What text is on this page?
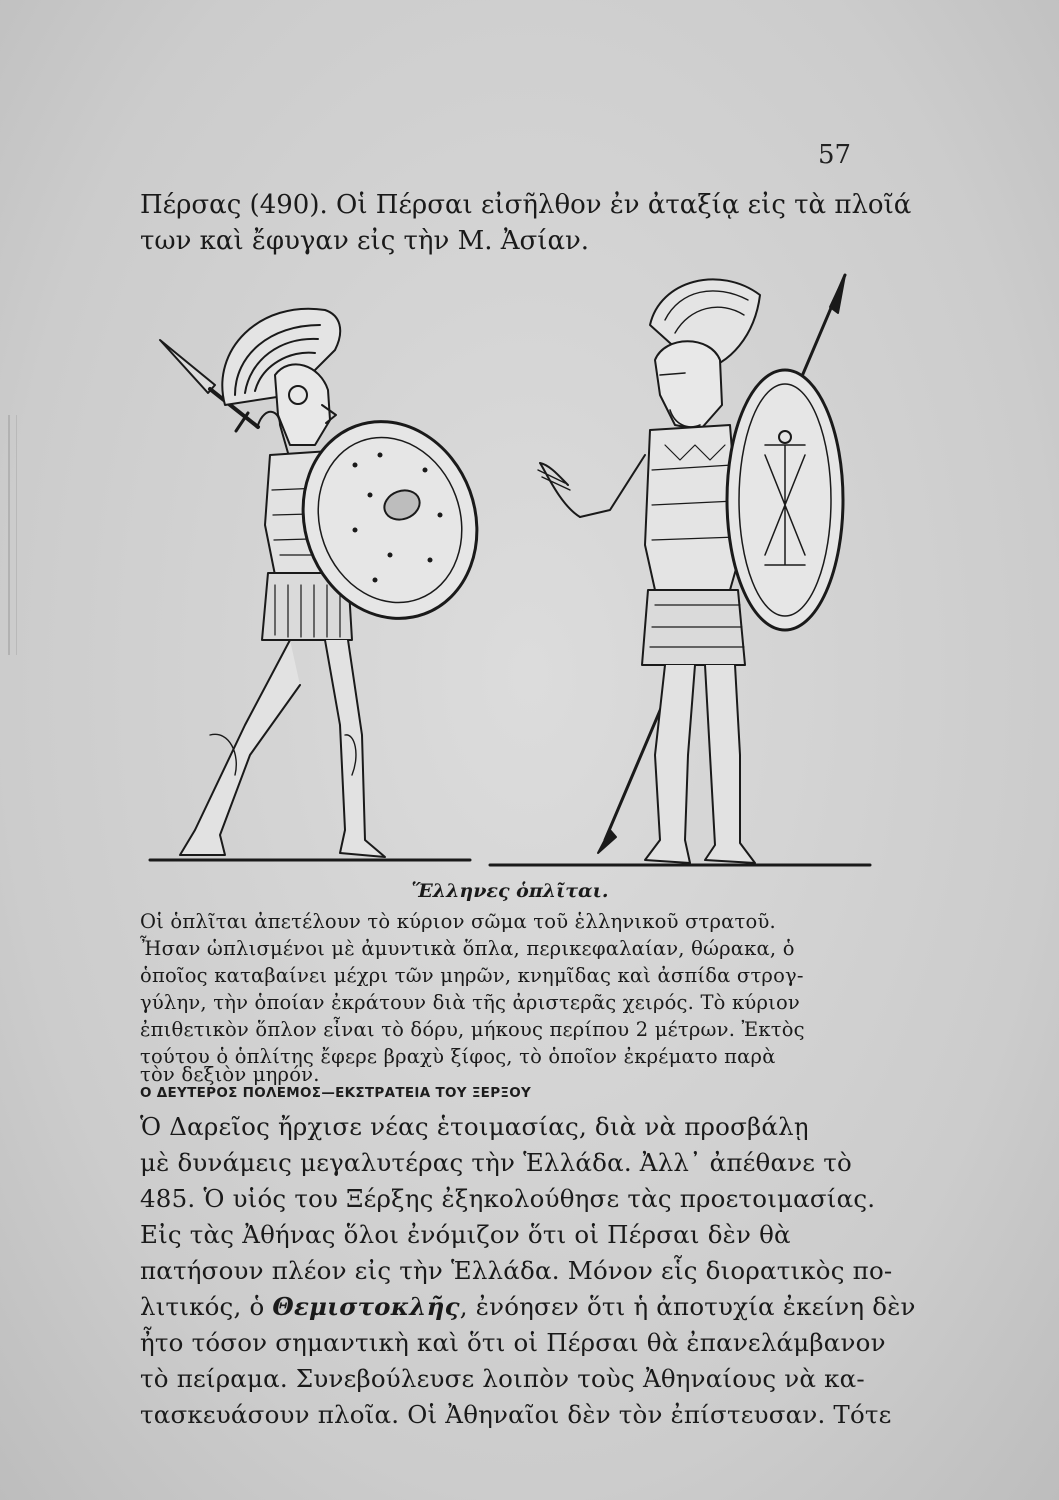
57
Πέρσας (490). Οἱ Πέρσαι εἰσῆλθον ἐν ἀταξίᾳ εἰς τὰ πλοῖά
των καὶ ἔφυγαν εἰς τὴν Μ. Ἀσίαν.
Ἕλληνες ὁπλῖται.
Οἱ ὁπλῖται ἀπετέλουν τὸ κύριον σῶμα τοῦ ἑλληνικοῦ στρατοῦ.
Ἦσαν ὡπλισμένοι μὲ ἀμυντικὰ ὅπλα, περικεφαλαίαν, θώρακα, ὁ
ὁποῖος καταβαίνει μέχρι τῶν μηρῶν, κνημῖδας καὶ ἀσπίδα στρογ-
γύλην, τὴν ὁποίαν ἐκράτουν διὰ τῆς ἀριστερᾶς χειρός. Τὸ κύριον
ἐπιθετικὸν ὅπλον εἶναι τὸ δόρυ, μήκους περίπου 2 μέτρων. Ἐκτὸς
τούτου ὁ ὁπλίτης ἔφερε βραχὺ ξίφος, τὸ ὁποῖον ἐκρέματο παρὰ
τὸν δεξιὸν μηρόν.
Ο ΔΕΥΤΕΡΟΣ ΠΟΛΕΜΟΣ—ΕΚΣΤΡΑΤΕΙΑ ΤΟΥ ΞΕΡΞΟΥ
Ὁ Δαρεῖος ἤρχισε νέας ἑτοιμασίας, διὰ νὰ προσβάλῃ
μὲ δυνάμεις μεγαλυτέρας τὴν Ἑλλάδα. Ἀλλ᾽ ἀπέθανε τὸ
485. Ὁ υἱός του Ξέρξης ἐξηκολούθησε τὰς προετοιμασίας.
Εἰς τὰς Ἀθήνας ὅλοι ἐνόμιζον ὅτι οἱ Πέρσαι δὲν θὰ
πατήσουν πλέον εἰς τὴν Ἑλλάδα. Μόνον εἷς διορατικὸς πο-
λιτικός, ὁ Θεμιστοκλῆς, ἐνόησεν ὅτι ἡ ἀποτυχία ἐκείνη δὲν
ἦτο τόσον σημαντικὴ καὶ ὅτι οἱ Πέρσαι θὰ ἐπανελάμβανον
τὸ πείραμα. Συνεβούλευσε λοιπὸν τοὺς Ἀθηναίους νὰ κα-
τασκευάσουν πλοῖα. Οἱ Ἀθηναῖοι δὲν τὸν ἐπίστευσαν. Τότε
